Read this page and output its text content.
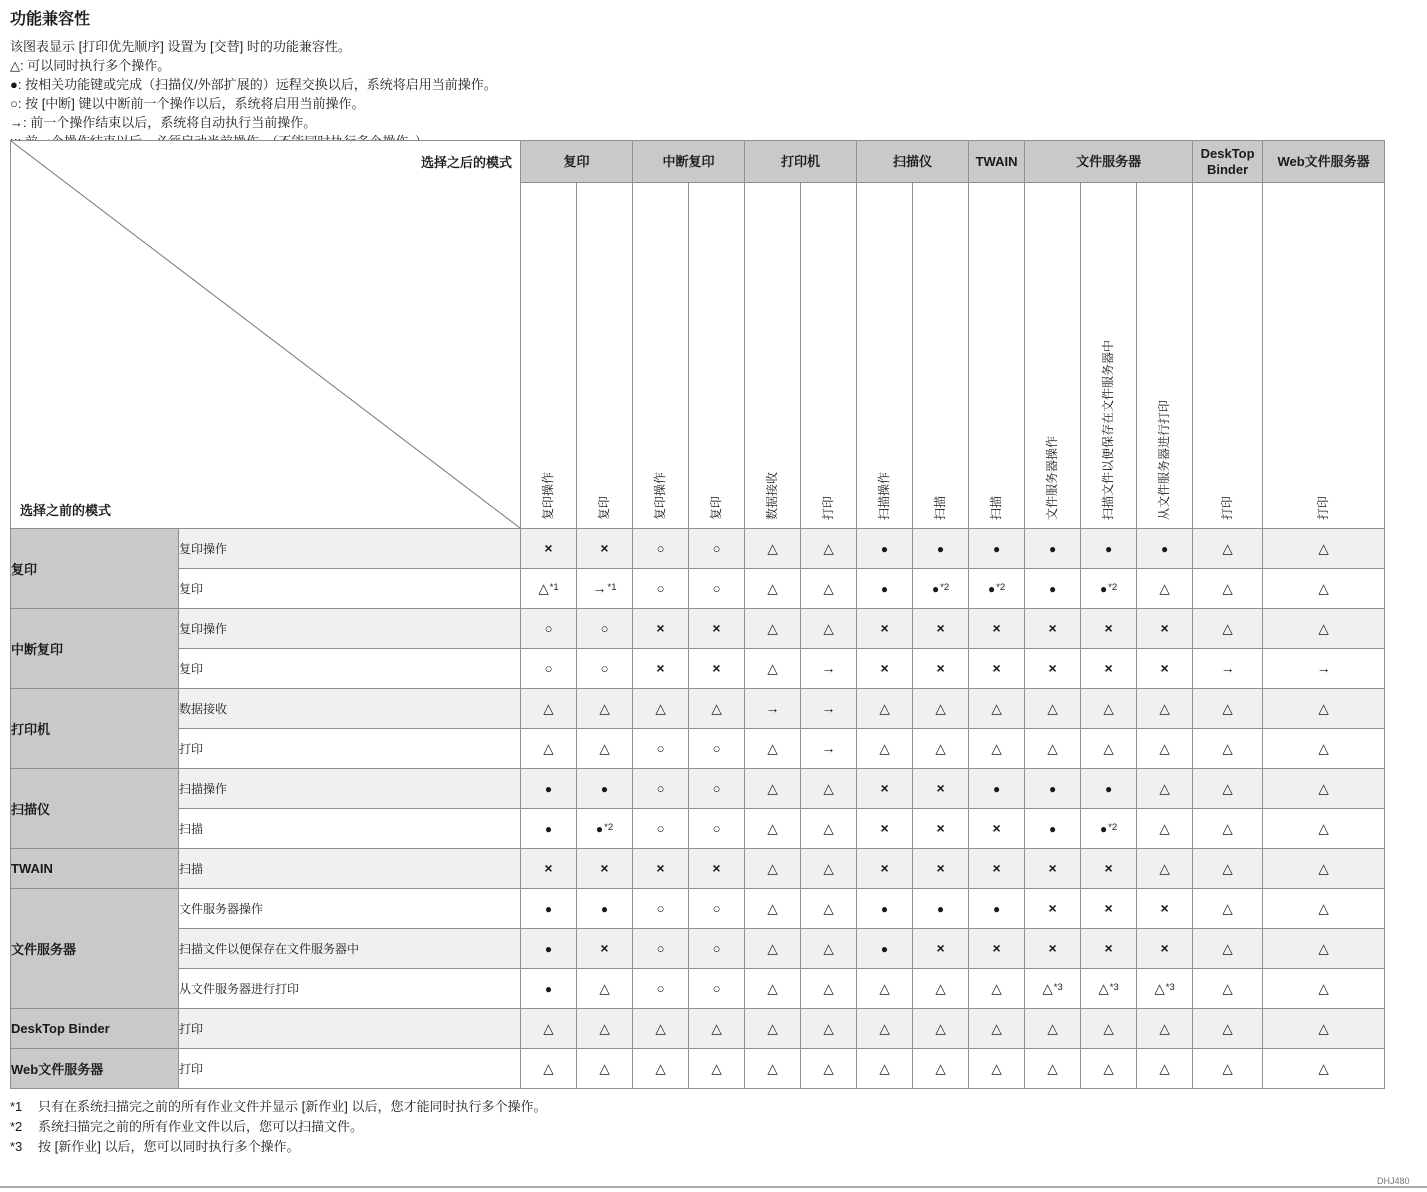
功能兼容性
该图表显示 [打印优先顺序] 设置为 [交替] 时的功能兼容性。
△: 可以同时执行多个操作。
●: 按相关功能键或完成（扫描仪/外部扩展的）远程交换以后，系统将启用当前操作。
○: 按 [中断] 键以中断前一个操作以后，系统将启用当前操作。
→: 前一个操作结束以后，系统将自动执行当前操作。
选择之后的模式
选择之前的模式		复印		中断复印		打印机		扫描仪		TWAIN	文件服务器			DeskTop Binder	Web文件服务器

		复印操作	复印	复印操作	复印	数据接收	打印	扫描操作	扫描	扫描	文件服务器操作	扫描文件以便保存在文件服务器中	从文件服务器进行打印	打印	打印

复印	复印操作	×	×	○	○	△	△	●	●	●	●	●	●	△	△
	复印	△$^{*1}$	→$^{*1}$	○	○	△	△	●	●$^{*2}$	●$^{*2}$	●	●$^{*2}$	△	△	△
中断复印	复印操作	○	○	×	×	△	△	×	×	×	×	×	×	△	△
	复印	○	○	×	×	△	→	×	×	×	×	×	×	→	→
打印机	数据接收	△	△	△	△	→	→	△	△	△	△	△	△	△	△
	打印	△	△	○	○	△	→	△	△	△	△	△	△	△	△
扫描仪	扫描操作	●	●	○	○	△	△	×	×	●	●	●	△	△	△
	扫描	●	●$^{*2}$	○	○	△	△	×	×	×	●	●$^{*2}$	△	△	△
TWAIN	扫描	×	×	×	×	△	△	×	×	×	×	×	△	△	△
文件服务器	文件服务器操作	●	●	○	○	△	△	●	●	●	×	×	×	△	△
	扫描文件以便保存在文件服务器中	●	×	○	○	△	△	●	×	×	×	×	×	△	△
	从文件服务器进行打印	●	△	○	○	△	△	△	△	△	△$^{*3}$	△$^{*3}$	△$^{*3}$	△	△
DeskTop Binder	打印	△	△	△	△	△	△	△	△	△	△	△	△	△	△
Web文件服务器	打印	△	△	△	△	△	△	△	△	△	△	△	△	△	△
*1 只有在系统扫描完之前的所有作业文件并显示 [新作业] 以后，您才能同时执行多个操作。
*2 系统扫描完之前的所有作业文件以后，您可以扫描文件。
*3 按 [新作业] 以后，您可以同时执行多个操作。
DHJ480
